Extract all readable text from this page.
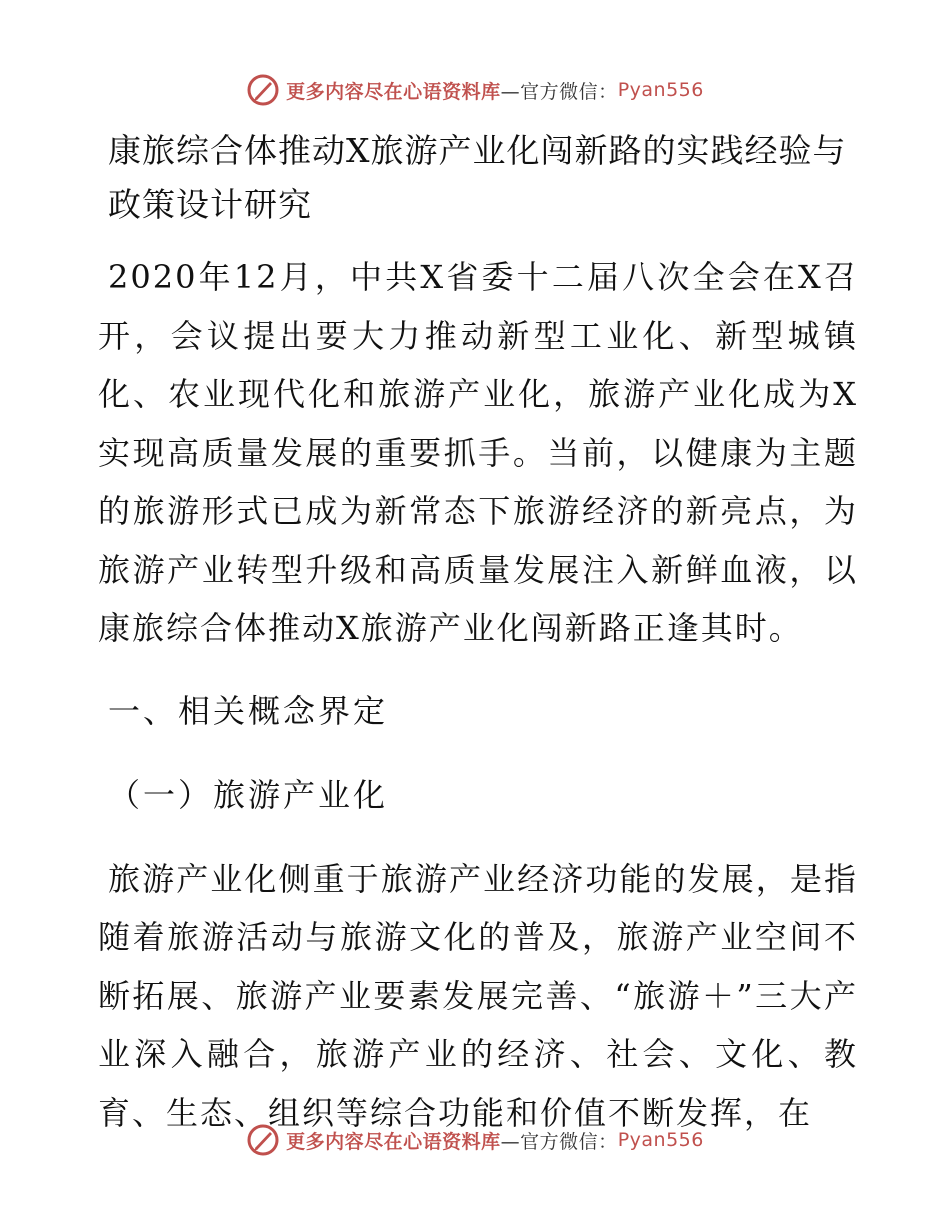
更多内容尽在心语资料库 —官方微信： Pyan556
康旅综合体推动X旅游产业化闯新路的实践经验与政策设计研究

2020年12月，中共X省委十二届八次全会在X召开，会议提出要大力推动新型工业化、新型城镇化、农业现代化和旅游产业化，旅游产业化成为X实现高质量发展的重要抓手。当前，以健康为主题的旅游形式已成为新常态下旅游经济的新亮点，为旅游产业转型升级和高质量发展注入新鲜血液，以康旅综合体推动X旅游产业化闯新路正逢其时。

一、相关概念界定
（一）旅游产业化

旅游产业化侧重于旅游产业经济功能的发展，是指随着旅游活动与旅游文化的普及，旅游产业空间不断拓展、旅游产业要素发展完善、“旅游＋”三大产业深入融合，旅游产业的经济、社会、文化、教育、生态、组织等综合功能和价值不断发挥，在

更多内容尽在心语资料库 —官方微信： Pyan556
